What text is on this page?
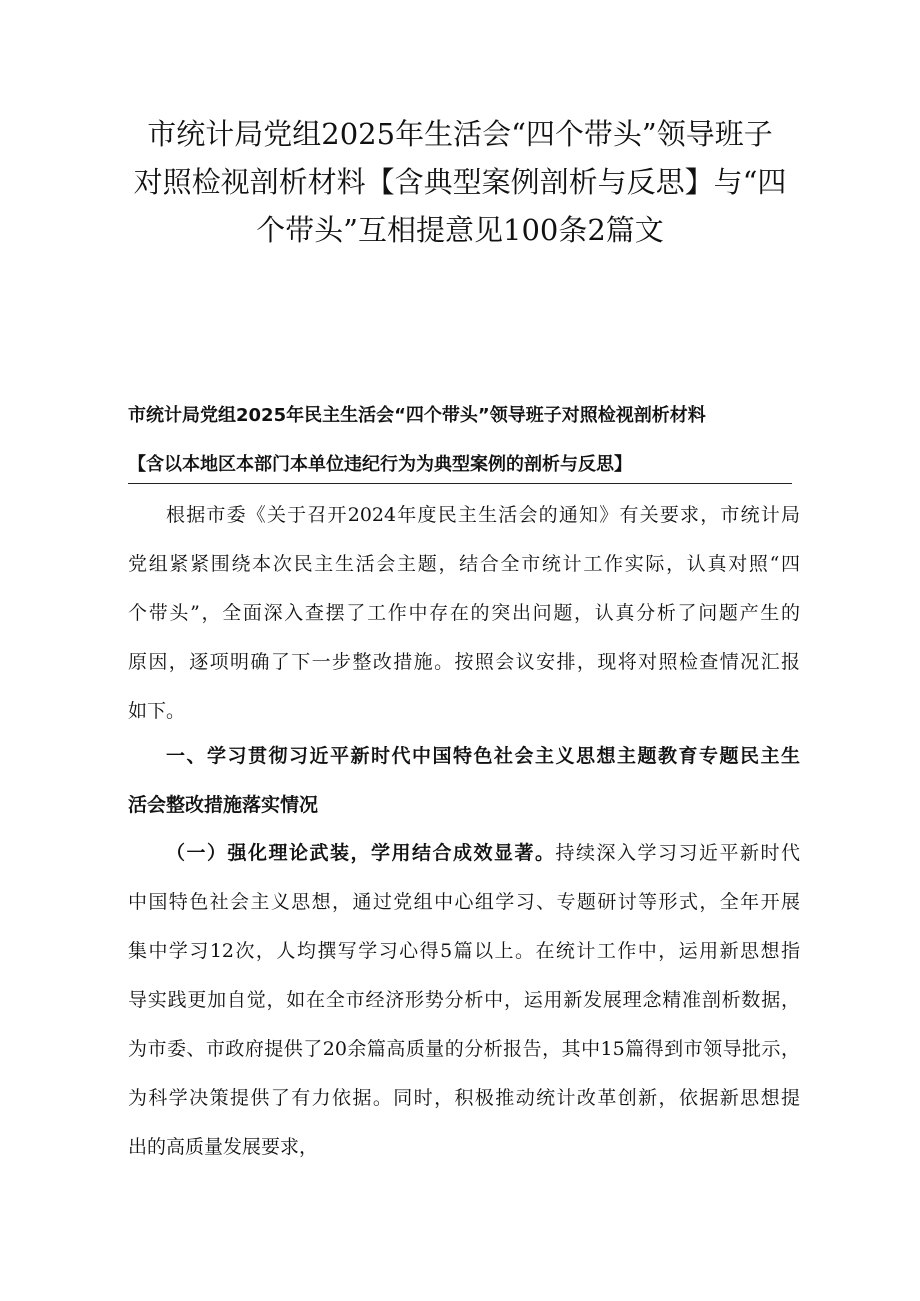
市统计局党组2025年生活会“四个带头”领导班子
对照检视剖析材料【含典型案例剖析与反思】与“四
个带头”互相提意见100条2篇文

市统计局党组2025年民主生活会“四个带头”领导班子对照检视剖析材料

【含以本地区本部门本单位违纪行为为典型案例的剖析与反思】

根据市委《关于召开2024年度民主生活会的通知》有关要求，市统计局
党组紧紧围绕本次民主生活会主题，结合全市统计工作实际，认真对照“四
个带头”，全面深入查摆了工作中存在的突出问题，认真分析了问题产生的
原因，逐项明确了下一步整改措施。按照会议安排，现将对照检查情况汇报
如下。
一、学习贯彻习近平新时代中国特色社会主义思想主题教育专题民主生
活会整改措施落实情况
（一）强化理论武装，学用结合成效显著。持续深入学习习近平新时代
中国特色社会主义思想，通过党组中心组学习、专题研讨等形式，全年开展
集中学习12次，人均撰写学习心得5篇以上。在统计工作中，运用新思想指
导实践更加自觉，如在全市经济形势分析中，运用新发展理念精准剖析数据，
为市委、市政府提供了20余篇高质量的分析报告，其中15篇得到市领导批示，
为科学决策提供了有力依据。同时，积极推动统计改革创新，依据新思想提
出的高质量发展要求，
